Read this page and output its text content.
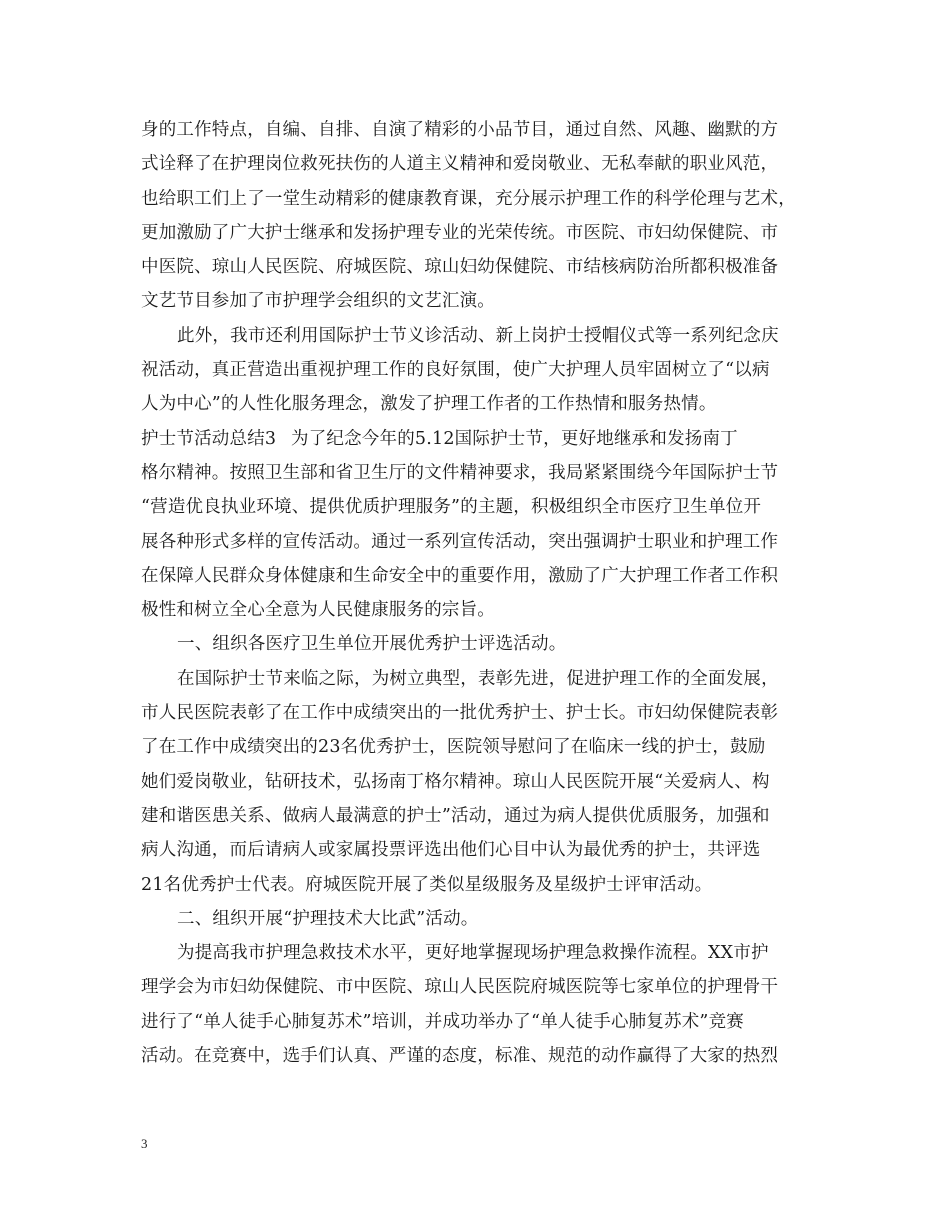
身的工作特点，自编、自排、自演了精彩的小品节目，通过自然、风趣、幽默的方
式诠释了在护理岗位救死扶伤的人道主义精神和爱岗敬业、无私奉献的职业风范，
也给职工们上了一堂生动精彩的健康教育课，充分展示护理工作的科学伦理与艺术，
更加激励了广大护士继承和发扬护理专业的光荣传统。市医院、市妇幼保健院、市
中医院、琼山人民医院、府城医院、琼山妇幼保健院、市结核病防治所都积极准备
文艺节目参加了市护理学会组织的文艺汇演。
此外，我市还利用国际护士节义诊活动、新上岗护士授帽仪式等一系列纪念庆
祝活动，真正营造出重视护理工作的良好氛围，使广大护理人员牢固树立了“以病
人为中心”的人性化服务理念，激发了护理工作者的工作热情和服务热情。
护士节活动总结3 为了纪念今年的5.12国际护士节，更好地继承和发扬南丁
格尔精神。按照卫生部和省卫生厅的文件精神要求，我局紧紧围绕今年国际护士节
“营造优良执业环境、提供优质护理服务”的主题，积极组织全市医疗卫生单位开
展各种形式多样的宣传活动。通过一系列宣传活动，突出强调护士职业和护理工作
在保障人民群众身体健康和生命安全中的重要作用，激励了广大护理工作者工作积
极性和树立全心全意为人民健康服务的宗旨。
一、组织各医疗卫生单位开展优秀护士评选活动。
在国际护士节来临之际，为树立典型，表彰先进，促进护理工作的全面发展，
市人民医院表彰了在工作中成绩突出的一批优秀护士、护士长。市妇幼保健院表彰
了在工作中成绩突出的23名优秀护士，医院领导慰问了在临床一线的护士，鼓励
她们爱岗敬业，钻研技术，弘扬南丁格尔精神。琼山人民医院开展“关爱病人、构
建和谐医患关系、做病人最满意的护士”活动，通过为病人提供优质服务，加强和
病人沟通，而后请病人或家属投票评选出他们心目中认为最优秀的护士，共评选
21名优秀护士代表。府城医院开展了类似星级服务及星级护士评审活动。
二、组织开展“护理技术大比武”活动。
为提高我市护理急救技术水平，更好地掌握现场护理急救操作流程。XX市护
理学会为市妇幼保健院、市中医院、琼山人民医院府城医院等七家单位的护理骨干
进行了“单人徒手心肺复苏术”培训，并成功举办了“单人徒手心肺复苏术”竞赛
活动。在竞赛中，选手们认真、严谨的态度，标准、规范的动作赢得了大家的热烈
3
